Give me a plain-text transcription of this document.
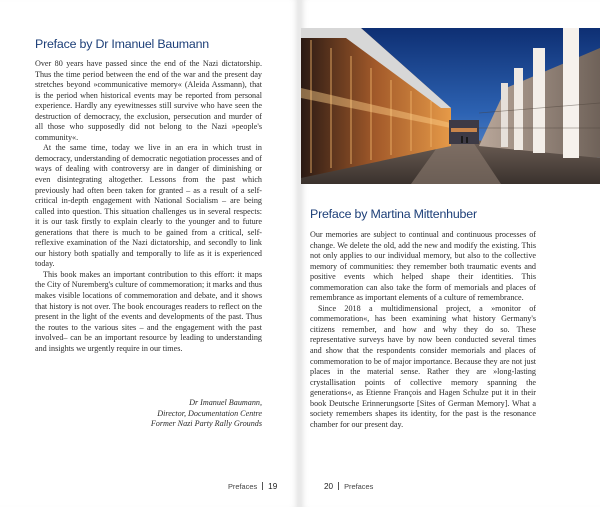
Preface by Dr Imanuel Baumann

Over 80 years have passed since the end of the Nazi dictatorship. Thus the time period between the end of the war and the present day stretches beyond »communicative memory« (Aleida Assmann), that is the period when historical events may be reported from personal experience. Hardly any eyewitnesses still survive who have seen the destruction of democracy, the exclusion, persecution and murder of all those who supposedly did not belong to the Nazi »people's community«.

At the same time, today we live in an era in which trust in democracy, understanding of democratic negotiation processes and of ways of dealing with controversy are in danger of diminishing or even disintegrating altogether. Lessons from the past which previously had often been taken for granted – as a result of a self-critical in-depth engagement with National Socialism – are being called into question. This situation challenges us in several respects: it is our task firstly to explain clearly to the younger and to future generations that there is much to be gained from a critical, self-reflexive examination of the Nazi dictatorship, and secondly to link our history both spatially and temporally to life as it is experienced today.

This book makes an important contribution to this effort: it maps the City of Nuremberg's culture of commemoration; it marks and thus makes visible locations of commemoration and debate, and it shows that history is not over. The book encourages readers to reflect on the present in the light of the events and developments of the past. Thus the routes to the various sites – and the engagement with the past involved– can be an important resource by leading to understanding and insights we urgently require in our times.

Dr Imanuel Baumann,
Director, Documentation Centre
Former Nazi Party Rally Grounds
Prefaces 19
Preface by Martina Mittenhuber

Our memories are subject to continual and continuous processes of change. We delete the old, add the new and modify the existing. This not only applies to our individual memory, but also to the collective memory of communities: they remember both traumatic events and positive events which helped shape their identities. This commemoration can also take the form of memorials and places of remembrance as important elements of a culture of remembrance.

Since 2018 a multidimensional project, a »monitor of commemoration«, has been examining what history Germany's citizens remember, and how and why they do so. These representative surveys have by now been conducted several times and show that the respondents consider memorials and places of commemoration to be of major importance. Because they are not just places in the material sense. Rather they are »long-lasting crystallisation points of collective memory spanning the generations«, as Etienne François and Hagen Schulze put it in their book Deutsche Erinnerungsorte [Sites of German Memory]. What a society remembers shapes its identity, for the past is the resonance chamber for our present day.

20 Prefaces
